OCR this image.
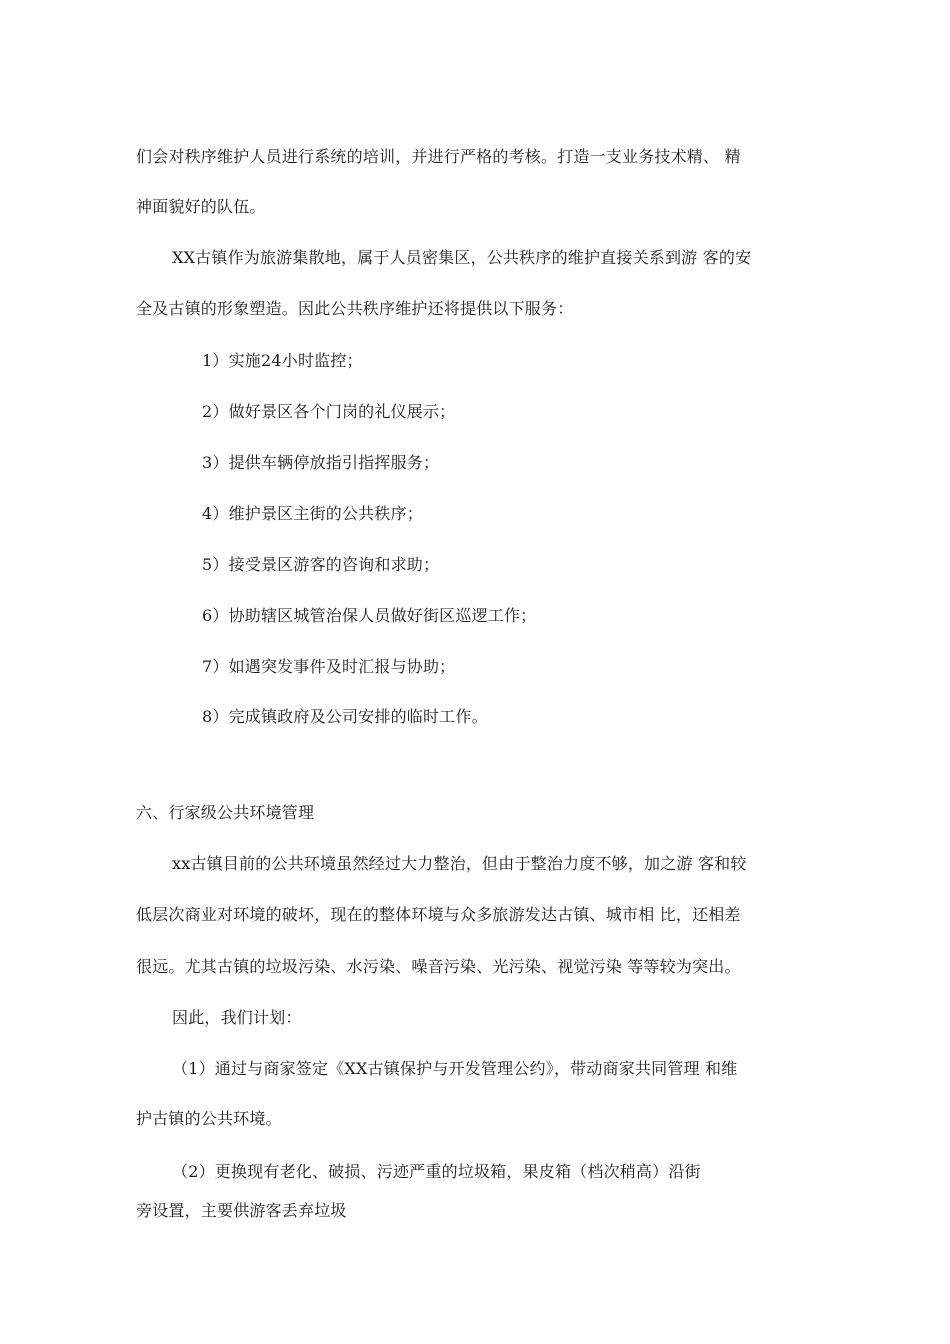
们会对秩序维护人员进行系统的培训，并进行严格的考核。打造一支业务技术精、 精
神面貌好的队伍。
XX古镇作为旅游集散地，属于人员密集区，公共秩序的维护直接关系到游 客的安
全及古镇的形象塑造。因此公共秩序维护还将提供以下服务：
1）实施24小时监控；
2）做好景区各个门岗的礼仪展示；
3）提供车辆停放指引指挥服务；
4）维护景区主街的公共秩序；
5）接受景区游客的咨询和求助；
6）协助辖区城管治保人员做好街区巡逻工作；
7）如遇突发事件及时汇报与协助；
8）完成镇政府及公司安排的临时工作。
六、行家级公共环境管理
xx古镇目前的公共环境虽然经过大力整治，但由于整治力度不够，加之游 客和较
低层次商业对环境的破坏，现在的整体环境与众多旅游发达古镇、城市相 比，还相差
很远。尤其古镇的垃圾污染、水污染、噪音污染、光污染、视觉污染 等等较为突出。
因此，我们计划：
（1）通过与商家签定《XX古镇保护与开发管理公约》，带动商家共同管理 和维
护古镇的公共环境。
（2）更换现有老化、破损、污迹严重的垃圾箱，果皮箱（档次稍高）沿街
旁设置，主要供游客丢弃垃圾
